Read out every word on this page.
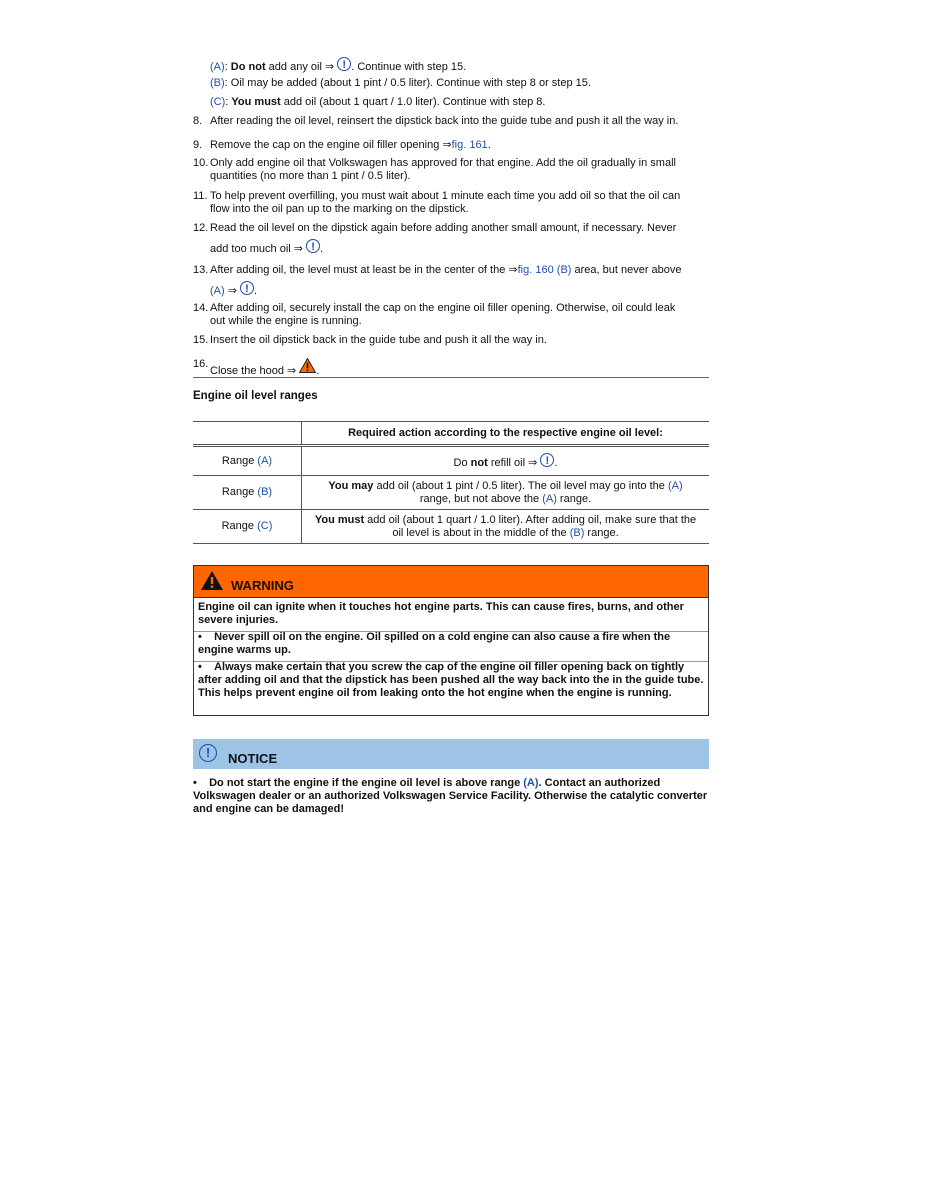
(A): Do not add any oil ⇒ ! . Continue with step 15.
(B): Oil may be added (about 1 pint / 0.5 liter). Continue with step 8 or step 15.
(C): You must add oil (about 1 quart / 1.0 liter). Continue with step 8.
8. After reading the oil level, reinsert the dipstick back into the guide tube and push it all the way in.
9. Remove the cap on the engine oil filler opening ⇒fig. 161.
10. Only add engine oil that Volkswagen has approved for that engine. Add the oil gradually in small
quantities (no more than 1 pint / 0.5 liter).
11. To help prevent overfilling, you must wait about 1 minute each time you add oil so that the oil can
flow into the oil pan up to the marking on the dipstick.
12. Read the oil level on the dipstick again before adding another small amount, if necessary. Never
add too much oil ⇒ ! .
13. After adding oil, the level must at least be in the center of the ⇒fig. 160 (B) area, but never above
(A) ⇒ ! .
14. After adding oil, securely install the cap on the engine oil filler opening. Otherwise, oil could leak
out while the engine is running.
15. Insert the oil dipstick back in the guide tube and push it all the way in.
16.
Close the hood ⇒ .
Engine oil level ranges
	Required action according to the respective engine oil level:
Range (A)	Do not refill oil ⇒ ! .
Range (B)	You may add oil (about 1 pint / 0.5 liter). The oil level may go into the (A)
range, but not above the (A) range.
Range (C)	You must add oil (about 1 quart / 1.0 liter). After adding oil, make sure that the
oil level is about in the middle of the (B) range.
WARNING
Engine oil can ignite when it touches hot engine parts. This can cause fires, burns, and other severe injuries.
• Never spill oil on the engine. Oil spilled on a cold engine can also cause a fire when the engine warms up.
• Always make certain that you screw the cap of the engine oil filler opening back on tightly after adding oil and that the dipstick has been pushed all the way back into the in the guide tube. This helps prevent engine oil from leaking onto the hot engine when the engine is running.
!	NOTICE
• Do not start the engine if the engine oil level is above range (A). Contact an authorized Volkswagen dealer or an authorized Volkswagen Service Facility. Otherwise the catalytic converter and engine can be damaged!
